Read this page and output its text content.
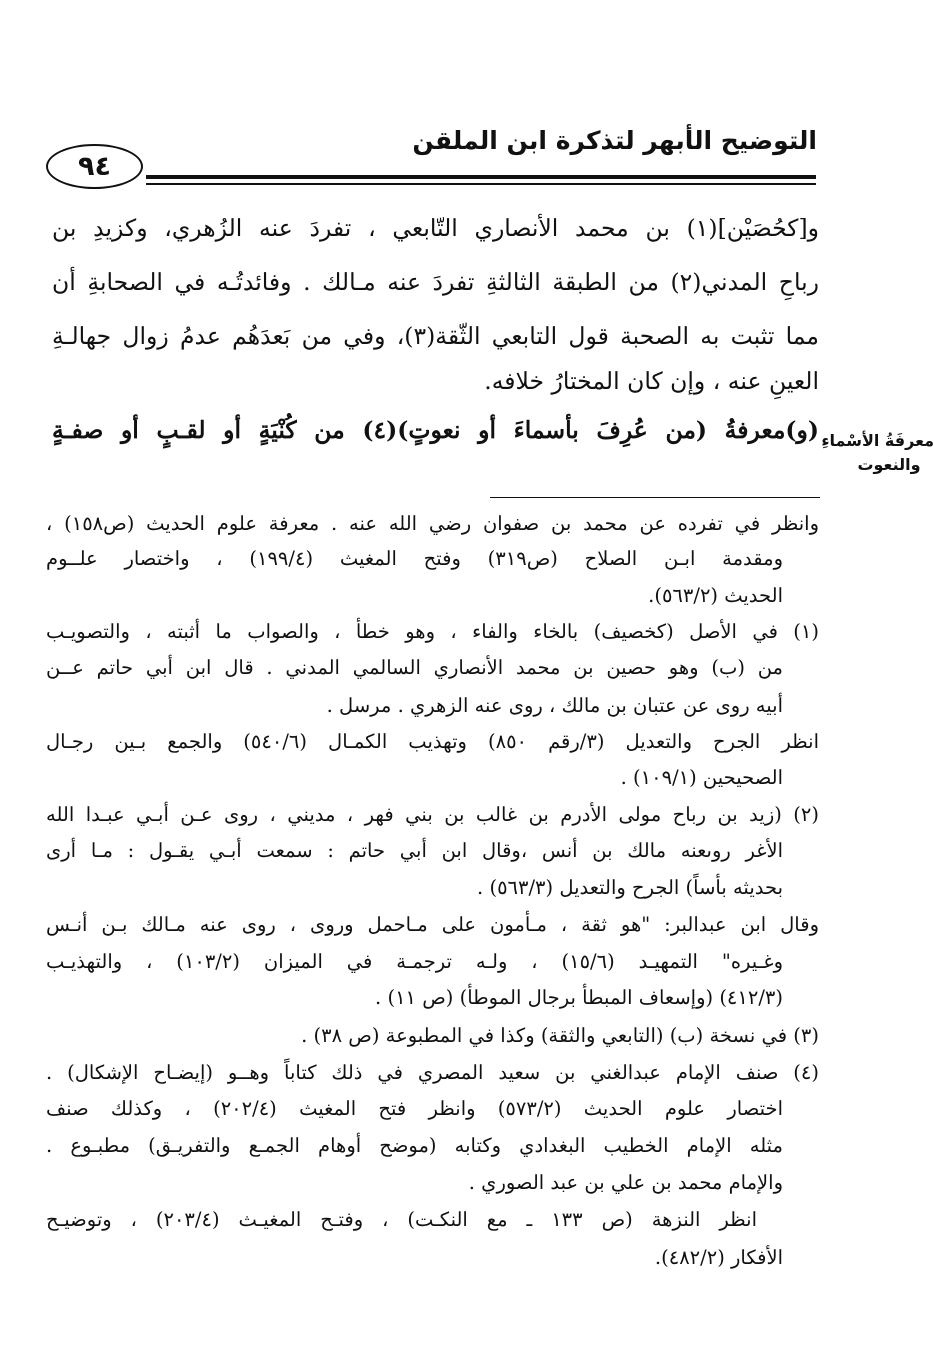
التوضيح الأبهر لتذكرة ابن الملقن
٩٤
و[كحُصَيْن](١) بن محمد الأنصاري التّابعي ، تفردَ عنه الزُهري، وكزيدِ بن
رباحِ المدني(٢) من الطبقة الثالثةِ تفردَ عنه مـالك . وفائدتُـه في الصحابةِ أن
مما تثبت به الصحبة قول التابعي الثّقة(٣)، وفي من بَعدَهُم عدمُ زوال جهالـةِ
العينِ عنه ، وإن كان المختارُ خلافه.
(و)معرفةُ (من عُرِفَ بأسماءَ أو نعوتٍ)(٤) من كُنْيَةٍ أو لقـبٍ أو صفـةٍ معرفَةُ الأسْماءِ
والنعوت
وانظر في تفرده عن محمد بن صفوان رضي الله عنه . معرفة علوم الحديث (ص١٥٨) ،
ومقدمة ابـن الصلاح (ص٣١٩) وفتح المغيث (١٩٩/٤) ، واختصار علــوم
الحديث (٥٦٣/٢).
(١) في الأصل (كخصيف) بالخاء والفاء ، وهو خطأ ، والصواب ما أثبته ، والتصويـب
من (ب) وهو حصين بن محمد الأنصاري السالمي المدني . قال ابن أبي حاتم عــن
أبيه روى عن عتبان بن مالك ، روى عنه الزهري . مرسل .
انظر الجرح والتعديل (٣/رقم ٨٥٠) وتهذيب الكمـال (٥٤٠/٦) والجمع بـين رجـال
الصحيحين (١٠٩/١) .
(٢) (زيد بن رباح مولى الأدرم بن غالب بن بني فهر ، مديني ، روى عـن أبـي عبـدا الله
الأغر روىعنه مالك بن أنس ،وقال ابن أبي حاتم : سمعت أبـي يقـول : مـا أرى
بحديثه بأساً) الجرح والتعديل (٥٦٣/٣) .
وقال ابن عبدالبر: "هو ثقة ، مـأمون على مـاحمل وروى ، روى عنه مـالك بـن أنـس
وغـيره" التمهيـد (١٥/٦) ، ولـه ترجمـة في الميزان (١٠٣/٢) ، والتهذيـب
(٤١٢/٣) (وإسعاف المبطأ برجال الموطأ) (ص ١١) .
(٣) في نسخة (ب) (التابعي والثقة) وكذا في المطبوعة (ص ٣٨) .
(٤) صنف الإمام عبدالغني بن سعيد المصري في ذلك كتاباً وهــو (إيضـاح الإشكال) .
اختصار علوم الحديث (٥٧٣/٢) وانظر فتح المغيث (٢٠٢/٤) ، وكذلك صنف
مثله الإمام الخطيب البغدادي وكتابه (موضح أوهام الجمـع والتفريـق) مطبـوع .
والإمام محمد بن علي بن عبد الصوري .
انظر النزهة (ص ١٣٣ ـ مع النكـت) ، وفتـح المغيـث (٢٠٣/٤) ، وتوضيـح
الأفكار (٤٨٢/٢).
